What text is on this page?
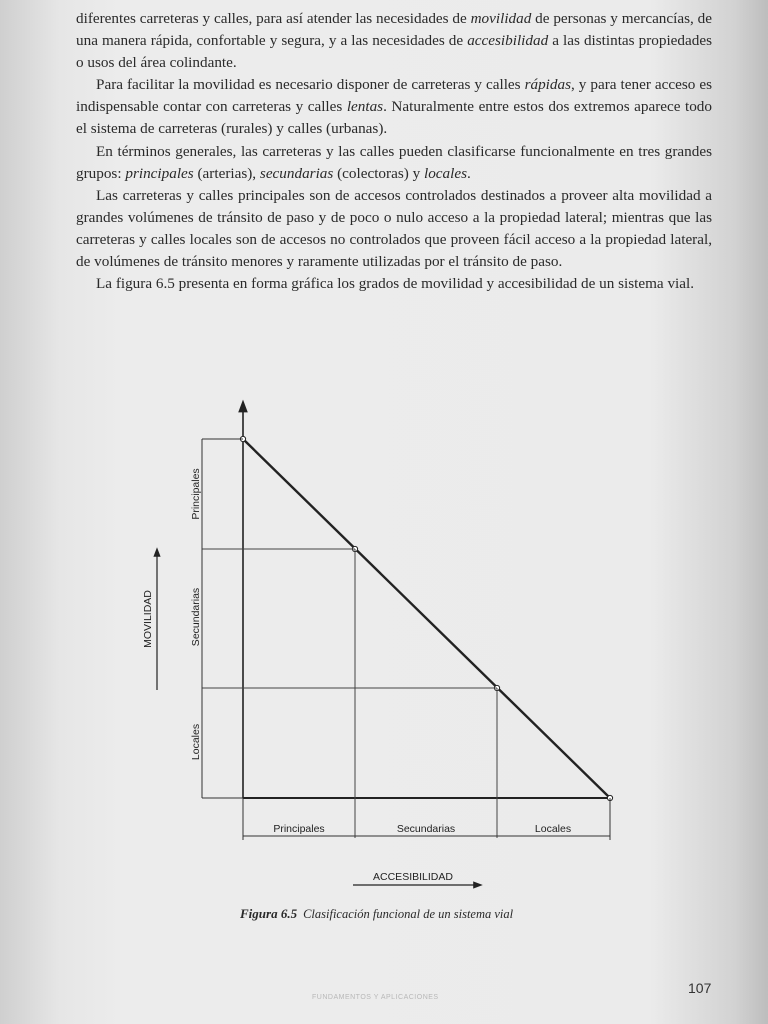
diferentes carreteras y calles, para así atender las necesidades de movilidad de personas y mercancías, de una manera rápida, confortable y segura, y a las necesidades de accesibilidad a las distintas propiedades o usos del área colindante.

Para facilitar la movilidad es necesario disponer de carreteras y calles rápidas, y para tener acceso es indispensable contar con carreteras y calles lentas. Naturalmente entre estos dos extremos aparece todo el sistema de carreteras (rurales) y calles (urbanas).

En términos generales, las carreteras y las calles pueden clasificarse funcionalmente en tres grandes grupos: principales (arterias), secundarias (colectoras) y locales.

Las carreteras y calles principales son de accesos controlados destinados a proveer alta movilidad a grandes volúmenes de tránsito de paso y de poco o nulo acceso a la propiedad lateral; mientras que las carreteras y calles locales son de accesos no controlados que proveen fácil acceso a la propiedad lateral, de volúmenes de tránsito menores y raramente utilizadas por el tránsito de paso.

La figura 6.5 presenta en forma gráfica los grados de movilidad y accesibilidad de un sistema vial.

Principales
Secundarias
Locales
MOVILIDAD
Principales	Secundarias	Locales
ACCESIBILIDAD
Figura 6.5 Clasificación funcional de un sistema vial
107
FUNDAMENTOS Y APLICACIONES
